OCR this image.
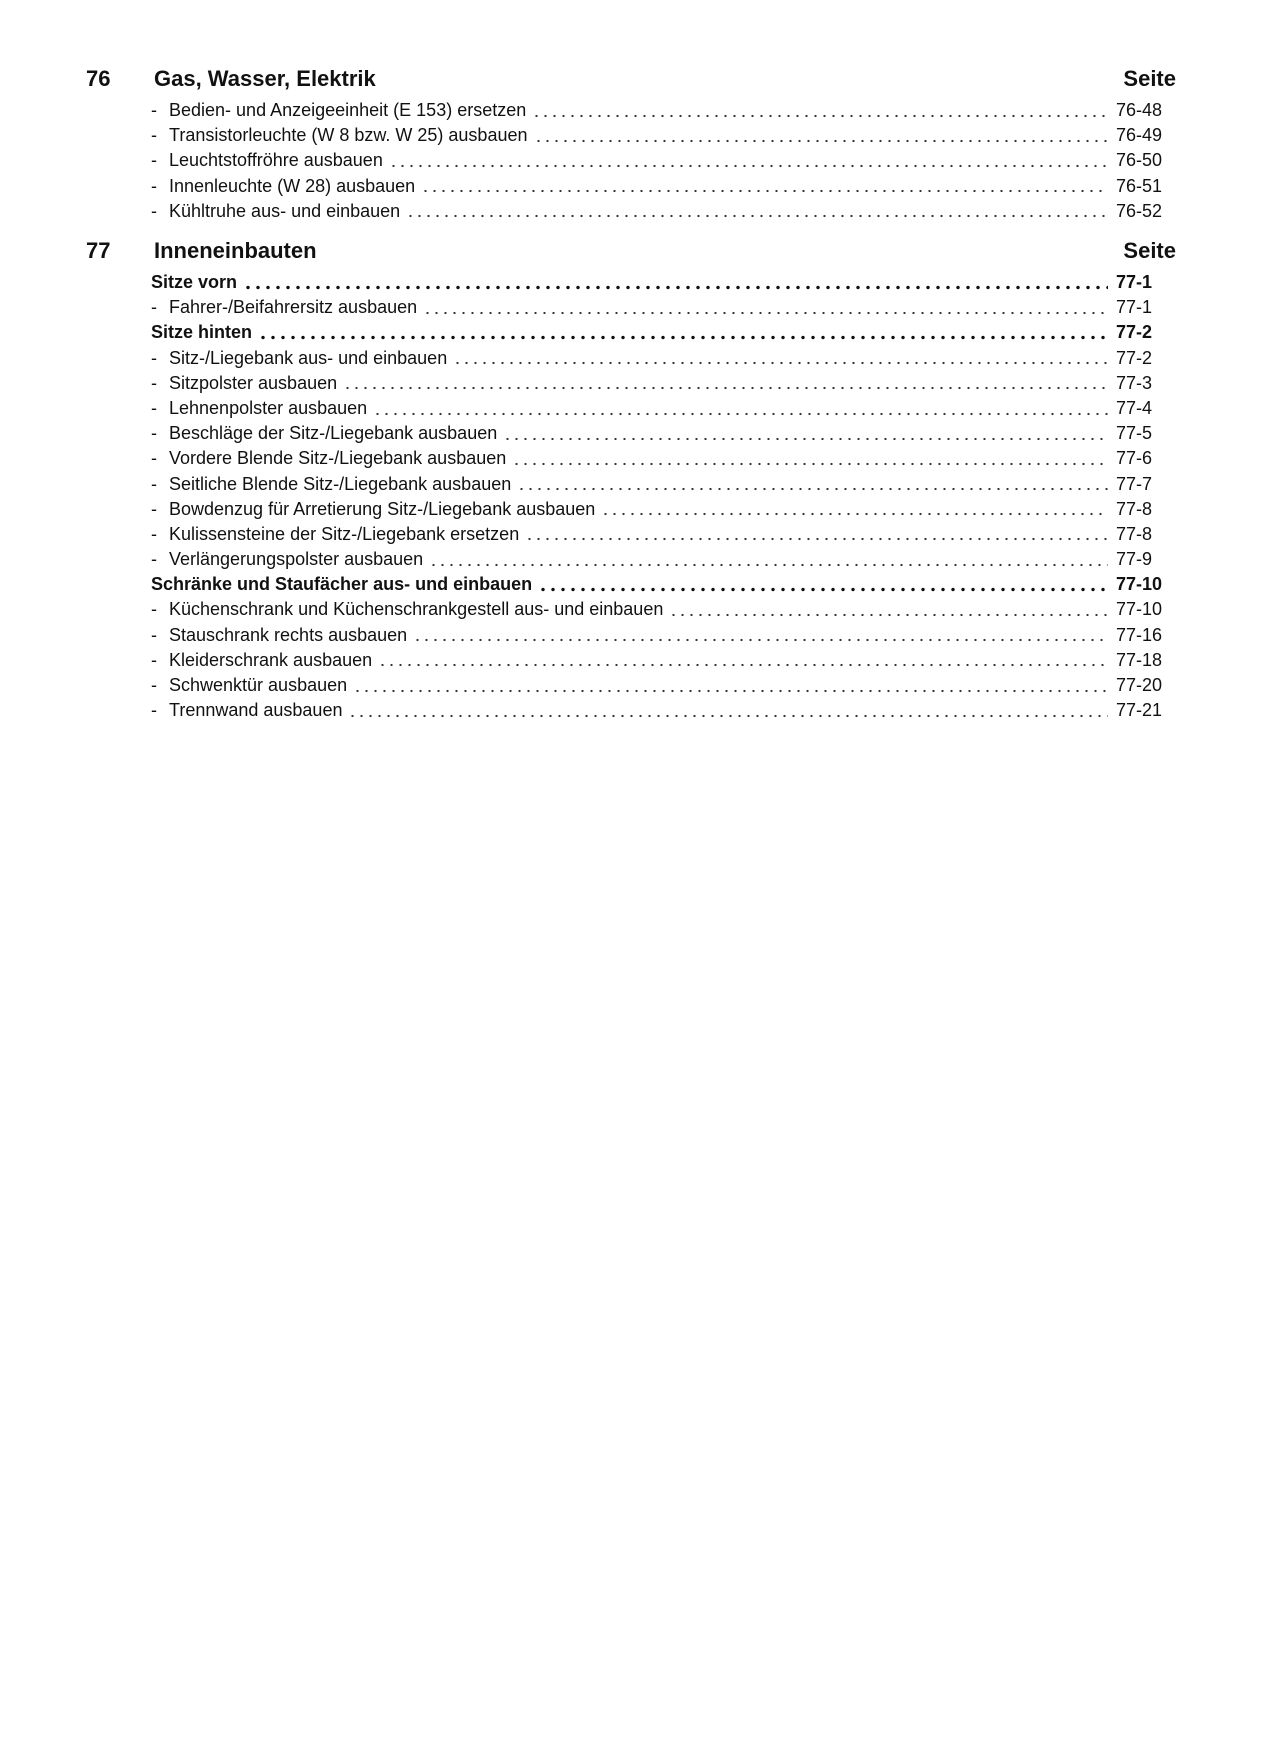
76 Gas, Wasser, Elektrik	Seite
- Bedien- und Anzeigeeinheit (E 153) ersetzen	76-48
- Transistorleuchte (W 8 bzw. W 25) ausbauen	76-49
- Leuchtstoffröhre ausbauen	76-50
- Innenleuchte (W 28) ausbauen	76-51
- Kühltruhe aus- und einbauen	76-52
77 Inneneinbauten	Seite
Sitze vorn	77-1
- Fahrer-/Beifahrersitz ausbauen	77-1
Sitze hinten	77-2
- Sitz-/Liegebank aus- und einbauen	77-2
- Sitzpolster ausbauen	77-3
- Lehnenpolster ausbauen	77-4
- Beschläge der Sitz-/Liegebank ausbauen	77-5
- Vordere Blende Sitz-/Liegebank ausbauen	77-6
- Seitliche Blende Sitz-/Liegebank ausbauen	77-7
- Bowdenzug für Arretierung Sitz-/Liegebank ausbauen	77-8
- Kulissensteine der Sitz-/Liegebank ersetzen	77-8
- Verlängerungspolster ausbauen	77-9
Schränke und Staufächer aus- und einbauen	77-10
- Küchenschrank und Küchenschrankgestell aus- und einbauen	77-10
- Stauschrank rechts ausbauen	77-16
- Kleiderschrank ausbauen	77-18
- Schwenktür ausbauen	77-20
- Trennwand ausbauen	77-21
